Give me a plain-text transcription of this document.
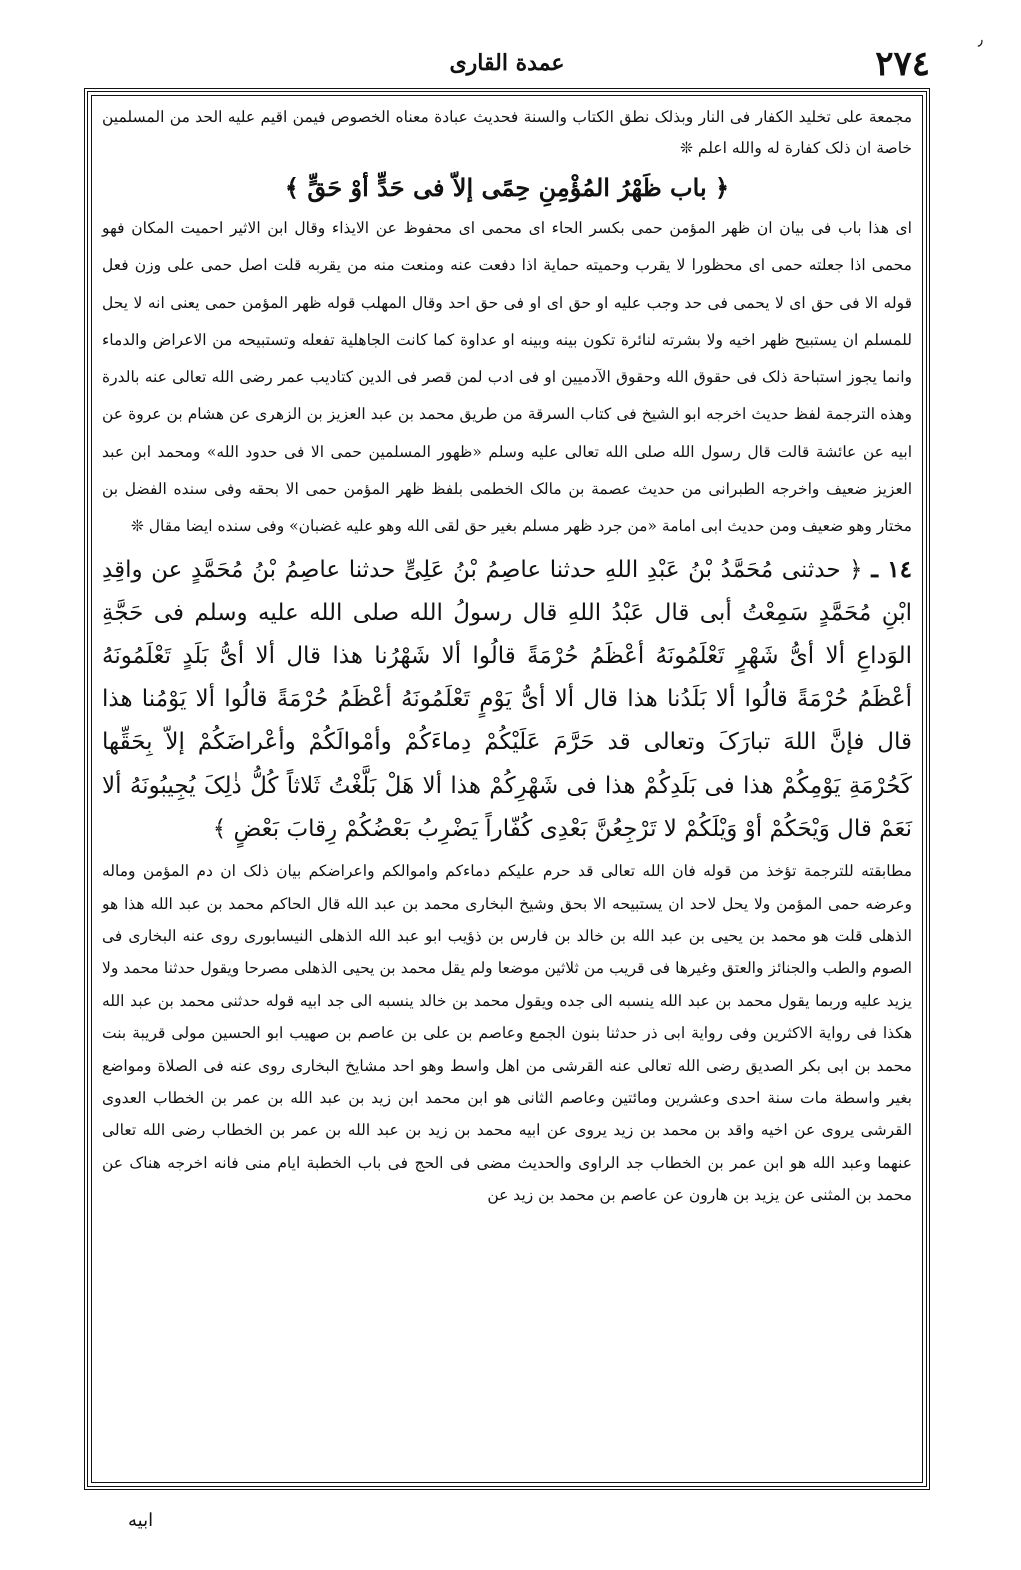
٢٧٤
عمدة القاری
٫

مجمعة علی تخلید الکفار فی النار وبذلک نطق الکتاب والسنة فحدیث عبادة معناه الخصوص فیمن اقیم علیه الحد من المسلمین خاصة ان ذلک کفارة له والله اعلم ❊

﴿ باب ظَهْرُ المُؤْمِنِ حِمًى إلاّ فى حَدٍّ أوْ حَقٍّ ﴾

ای هذا باب فی بیان ان ظهر المؤمن حمی بکسر الحاء ای محمی ای محفوظ عن الایذاء وقال ابن الاثیر احمیت المکان فهو محمی اذا جعلته حمی ای محظورا لا یقرب وحمیته حمایة اذا دفعت عنه ومنعت منه من یقربه قلت اصل حمی علی وزن فعل قوله الا فی حق ای لا یحمی فی حد وجب علیه او حق ای او فی حق احد وقال المهلب قوله ظهر المؤمن حمی یعنی انه لا یحل للمسلم ان یستبیح ظهر اخیه ولا بشرته لنائرة تکون بینه وبینه او عداوة کما کانت الجاهلیة تفعله وتستبیحه من الاعراض والدماء وانما یجوز استباحة ذلک فی حقوق الله وحقوق الآدمیین او فی ادب لمن قصر فی الدین کتادیب عمر رضی الله تعالی عنه بالدرة وهذه الترجمة لفظ حدیث اخرجه ابو الشیخ فی کتاب السرقة من طریق محمد بن عبد العزیز بن الزهری عن هشام بن عروة عن ابیه عن عائشة قالت قال رسول الله صلی الله تعالی علیه وسلم «ظهور المسلمین حمی الا فی حدود الله» ومحمد ابن عبد العزیز ضعیف واخرجه الطبرانی من حدیث عصمة بن مالک الخطمی بلفظ ظهر المؤمن حمی الا بحقه وفی سنده الفضل بن مختار وهو ضعیف ومن حدیث ابی امامة «من جرد ظهر مسلم بغیر حق لقی الله وهو علیه غضبان» وفی سنده ایضا مقال ❊

١٤ ـ ﴿ حدثنی مُحَمَّدُ بْنُ عَبْدِ اللهِ حدثنا عاصِمُ بْنُ عَلِیٍّ حدثنا عاصِمُ بْنُ مُحَمَّدٍ عن واقِدِ ابْنِ مُحَمَّدٍ سَمِعْتُ أبی قال عَبْدُ اللهِ قال رسولُ الله صلی الله علیه وسلم فی حَجَّةِ الوَداعِ ألا أیُّ شَهْرٍ تَعْلَمُونَهُ أعْظَمُ حُرْمَةً قالُوا ألا شَهْرُنا هذا قال ألا أیُّ بَلَدٍ تَعْلَمُونَهُ أعْظَمُ حُرْمَةً قالُوا ألا بَلَدُنا هذا قال ألا أیُّ یَوْمٍ تَعْلَمُونَهُ أعْظَمُ حُرْمَةً قالُوا ألا یَوْمُنا هذا قال فإنَّ اللهَ تبارَکَ وتعالی قد حَرَّمَ عَلَیْکُمْ دِماءَکُمْ وأمْوالَکُمْ وأعْراضَکُمْ إلاّ بِحَقِّها کَحُرْمَةِ یَوْمِکُمْ هذا فی بَلَدِکُمْ هذا فی شَهْرِکُمْ هذا ألا هَلْ بَلَّغْتُ ثَلاثاً کُلُّ ذٰلِکَ یُجِیبُونَهُ ألا نَعَمْ قال وَیْحَکُمْ أوْ وَیْلَکُمْ لا تَرْجِعُنَّ بَعْدِی کُفّاراً یَضْرِبُ بَعْضُکُمْ رِقابَ بَعْضٍ ﴾

مطابقته للترجمة تؤخذ من قوله فان الله تعالی قد حرم علیکم دماءکم واموالکم واعراضکم بیان ذلک ان دم المؤمن وماله وعرضه حمی المؤمن ولا یحل لاحد ان یستبیحه الا بحق وشیخ البخاری محمد بن عبد الله قال الحاکم محمد بن عبد الله هذا هو الذهلی قلت هو محمد بن یحیی بن عبد الله بن خالد بن فارس بن ذؤیب ابو عبد الله الذهلی النیسابوری روی عنه البخاری فی الصوم والطب والجنائز والعتق وغیرها فی قریب من ثلاثین موضعا ولم یقل محمد بن یحیی الذهلی مصرحا ویقول حدثنا محمد ولا یزید علیه وربما یقول محمد بن عبد الله ینسبه الی جده ویقول محمد بن خالد ینسبه الی جد ابیه قوله حدثنی محمد بن عبد الله هکذا فی روایة الاکثرین وفی روایة ابی ذر حدثنا بنون الجمع وعاصم بن علی بن عاصم بن صهیب ابو الحسین مولی قریبة بنت محمد بن ابی بکر الصدیق رضی الله تعالی عنه القرشی من اهل واسط وهو احد مشایخ البخاری روی عنه فی الصلاة ومواضع بغیر واسطة مات سنة احدی وعشرین ومائتین وعاصم الثانی هو ابن محمد ابن زید بن عبد الله بن عمر بن الخطاب العدوی القرشی یروی عن اخیه واقد بن محمد بن زید یروی عن ابیه محمد بن زید بن عبد الله بن عمر بن الخطاب رضی الله تعالی عنهما وعبد الله هو ابن عمر بن الخطاب جد الراوی والحدیث مضی فی الحج فی باب الخطبة ایام منی فانه اخرجه هناک عن محمد بن المثنی عن یزید بن هارون عن عاصم بن محمد بن زید عن

ابیه
